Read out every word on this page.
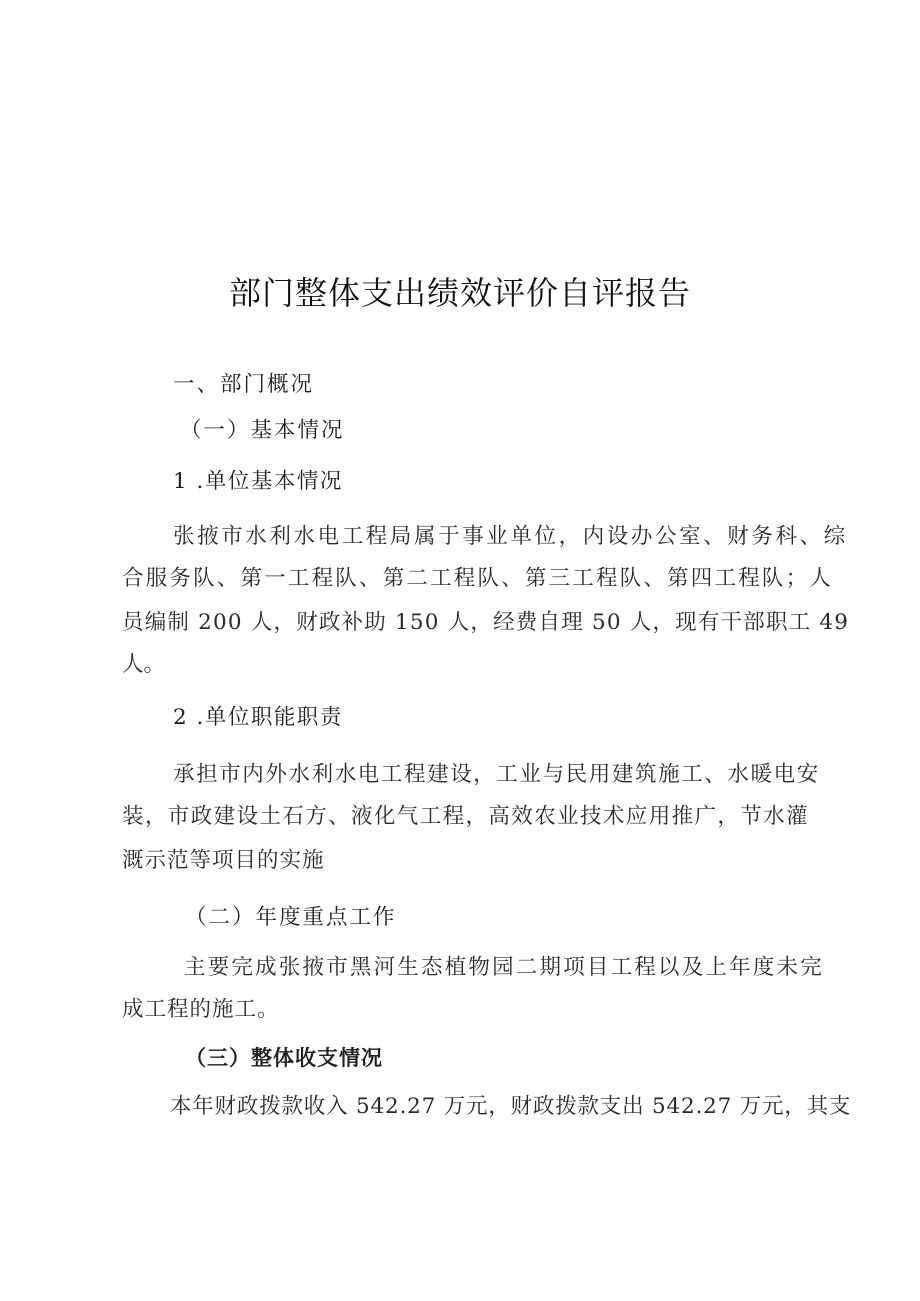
部门整体支出绩效评价自评报告
一、部门概况
（一）基本情况
1 .单位基本情况
张掖市水利水电工程局属于事业单位，内设办公室、财务科、综
合服务队、第一工程队、第二工程队、第三工程队、第四工程队；人
员编制 200 人，财政补助 150 人，经费自理 50 人，现有干部职工 49
人。
2 .单位职能职责
承担市内外水利水电工程建设，工业与民用建筑施工、水暖电安
装，市政建设土石方、液化气工程，高效农业技术应用推广，节水灌
溉示范等项目的实施
（二）年度重点工作
主要完成张掖市黑河生态植物园二期项目工程以及上年度未完
成工程的施工。
（三）整体收支情况
本年财政拨款收入 542.27 万元，财政拨款支出 542.27 万元，其支
